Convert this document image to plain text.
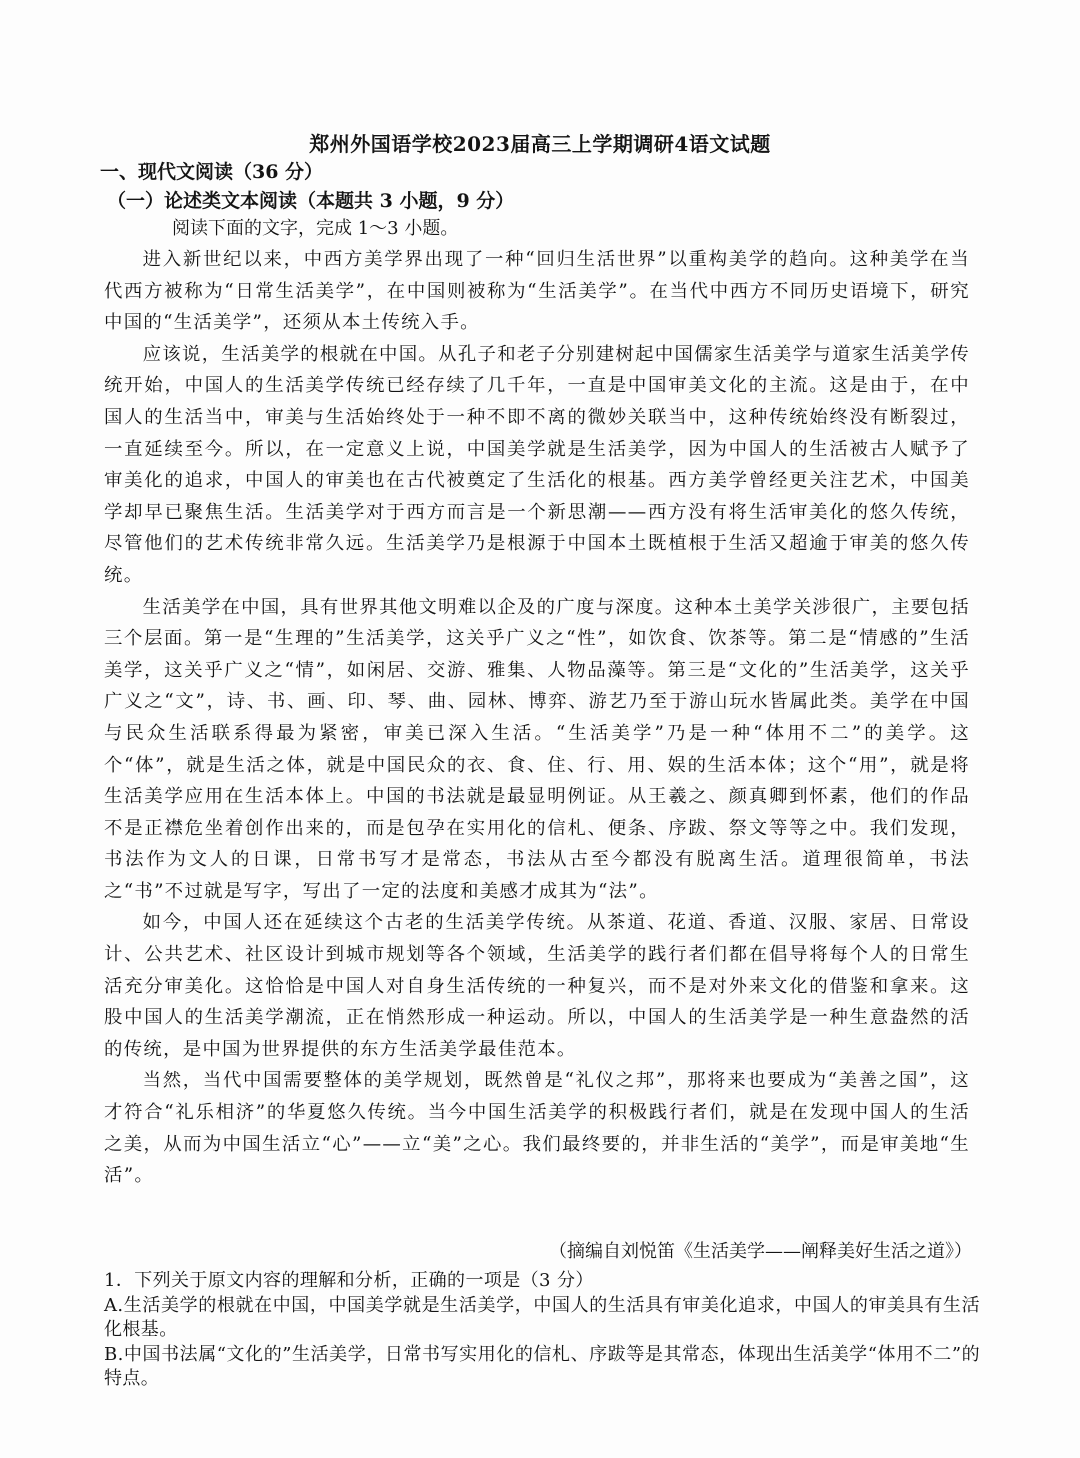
郑州外国语学校2023届高三上学期调研4语文试题
一、现代文阅读（36 分）
（一）论述类文本阅读（本题共 3 小题，9 分）
阅读下面的文字，完成 1～3 小题。

进入新世纪以来，中西方美学界出现了一种“回归生活世界”以重构美学的趋向。这种美学在当代西方被称为“日常生活美学”，在中国则被称为“生活美学”。在当代中西方不同历史语境下，研究中国的“生活美学”，还须从本土传统入手。

应该说，生活美学的根就在中国。从孔子和老子分别建树起中国儒家生活美学与道家生活美学传统开始，中国人的生活美学传统已经存续了几千年，一直是中国审美文化的主流。这是由于，在中国人的生活当中，审美与生活始终处于一种不即不离的微妙关联当中，这种传统始终没有断裂过，一直延续至今。所以，在一定意义上说，中国美学就是生活美学，因为中国人的生活被古人赋予了审美化的追求，中国人的审美也在古代被奠定了生活化的根基。西方美学曾经更关注艺术，中国美学却早已聚焦生活。生活美学对于西方而言是一个新思潮——西方没有将生活审美化的悠久传统，尽管他们的艺术传统非常久远。生活美学乃是根源于中国本土既植根于生活又超逾于审美的悠久传统。

生活美学在中国，具有世界其他文明难以企及的广度与深度。这种本土美学关涉很广，主要包括三个层面。第一是“生理的”生活美学，这关乎广义之“性”，如饮食、饮茶等。第二是“情感的”生活美学，这关乎广义之“情”，如闲居、交游、雅集、人物品藻等。第三是“文化的”生活美学，这关乎广义之“文”，诗、书、画、印、琴、曲、园林、博弈、游艺乃至于游山玩水皆属此类。美学在中国与民众生活联系得最为紧密，审美已深入生活。“生活美学”乃是一种“体用不二”的美学。这个“体”，就是生活之体，就是中国民众的衣、食、住、行、用、娱的生活本体；这个“用”，就是将生活美学应用在生活本体上。中国的书法就是最显明例证。从王羲之、颜真卿到怀素，他们的作品不是正襟危坐着创作出来的，而是包孕在实用化的信札、便条、序跋、祭文等等之中。我们发现，书法作为文人的日课，日常书写才是常态，书法从古至今都没有脱离生活。道理很简单，书法之“书”不过就是写字，写出了一定的法度和美感才成其为“法”。

如今，中国人还在延续这个古老的生活美学传统。从茶道、花道、香道、汉服、家居、日常设计、公共艺术、社区设计到城市规划等各个领域，生活美学的践行者们都在倡导将每个人的日常生活充分审美化。这恰恰是中国人对自身生活传统的一种复兴，而不是对外来文化的借鉴和拿来。这股中国人的生活美学潮流，正在悄然形成一种运动。所以，中国人的生活美学是一种生意盎然的活的传统，是中国为世界提供的东方生活美学最佳范本。

当然，当代中国需要整体的美学规划，既然曾是“礼仪之邦”，那将来也要成为“美善之国”，这才符合“礼乐相济”的华夏悠久传统。当今中国生活美学的积极践行者们，就是在发现中国人的生活之美，从而为中国生活立“心”——立“美”之心。我们最终要的，并非生活的“美学”，而是审美地“生活”。

（摘编自刘悦笛《生活美学——阐释美好生活之道》）
1．下列关于原文内容的理解和分析，正确的一项是（3 分）
A.生活美学的根就在中国，中国美学就是生活美学，中国人的生活具有审美化追求，中国人的审美具有生活化根基。
B.中国书法属“文化的”生活美学，日常书写实用化的信札、序跋等是其常态，体现出生活美学“体用不二”的特点。
